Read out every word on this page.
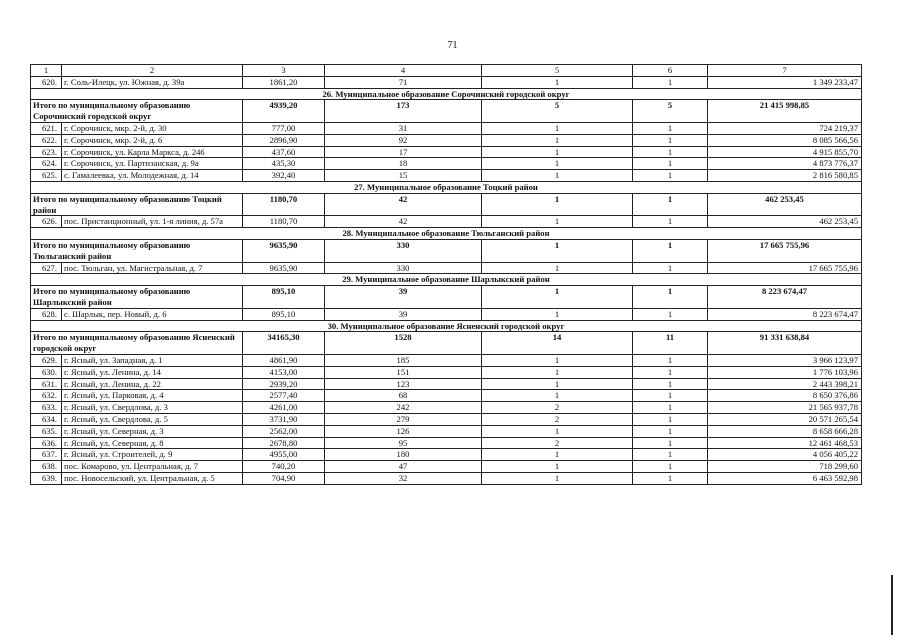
71
1	2	3	4	5	6	7
620.	г. Соль-Илецк, ул. Южная, д. 39а	1861,20	71	1	1	1 349 233,47
26. Муниципальное образование Сорочинский городской округ						
Итого по муниципальному образованию Сорочинский городской округ		4939,20	173	5	5	21 415 998,85
621.	г. Сорочинск, мкр. 2-й, д. 30	777,00	31	1	1	724 219,37
622.	г. Сорочинск, мкр. 2-й, д. 6	2896,90	92	1	1	8 085 566,56
623.	г. Сорочинск, ул. Карла Маркса, д. 246	437,60	17	1	1	4 915 855,70
624.	г. Сорочинск, ул. Партизанская, д. 9а	435,30	18	1	1	4 873 776,37
625.	с. Гамалеевка, ул. Молодежная, д. 14	392,40	15	1	1	2 816 580,85
27. Муниципальное образование Тоцкий район						
Итого по муниципальному образованию Тоцкий район		1180,70	42	1	1	462 253,45
626.	пос. Пристанционный, ул. 1-я линия, д. 57а	1180,70	42	1	1	462 253,45
28. Муниципальное образование Тюльганский район						
Итого по муниципальному образованию Тюльганский район		9635,90	330	1	1	17 665 755,96
627.	пос. Тюльган, ул. Магистральная, д. 7	9635,90	330	1	1	17 665 755,96
29. Муниципальное образование Шарлыкский район						
Итого по муниципальному образованию Шарлыкский район		895,10	39	1	1	8 223 674,47
628.	с. Шарлык, пер. Новый, д. 6	895,10	39	1	1	8 223 674,47
30. Муниципальное образование Ясненский городской округ						
Итого по муниципальному образованию Ясненский городской округ		34165,30	1528	14	11	91 331 638,84
629.	г. Ясный, ул. Западная, д. 1	4861,90	185	1	1	3 966 123,97
630.	г. Ясный, ул. Ленина, д. 14	4153,00	151	1	1	1 776 103,96
631.	г. Ясный, ул. Ленина, д. 22	2939,20	123	1	1	2 443 398,21
632.	г. Ясный, ул. Парковая, д. 4	2577,40	68	1	1	8 650 376,86
633.	г. Ясный, ул. Свердлова, д. 3	4261,00	242	2	1	21 565 937,78
634.	г. Ясный, ул. Свердлова, д. 5	3731,90	279	2	1	20 571 265,54
635.	г. Ясный, ул. Северная, д. 3	2562,00	126	1	1	8 658 666,28
636.	г. Ясный, ул. Северная, д. 8	2678,80	95	2	1	12 461 468,53
637.	г. Ясный, ул. Строителей, д. 9	4955,00	180	1	1	4 056 405,22
638.	пос. Комарово, ул. Центральная, д. 7	740,20	47	1	1	718 299,60
639.	пос. Новосельский, ул. Центральная, д. 5	704,90	32	1	1	6 463 592,98
